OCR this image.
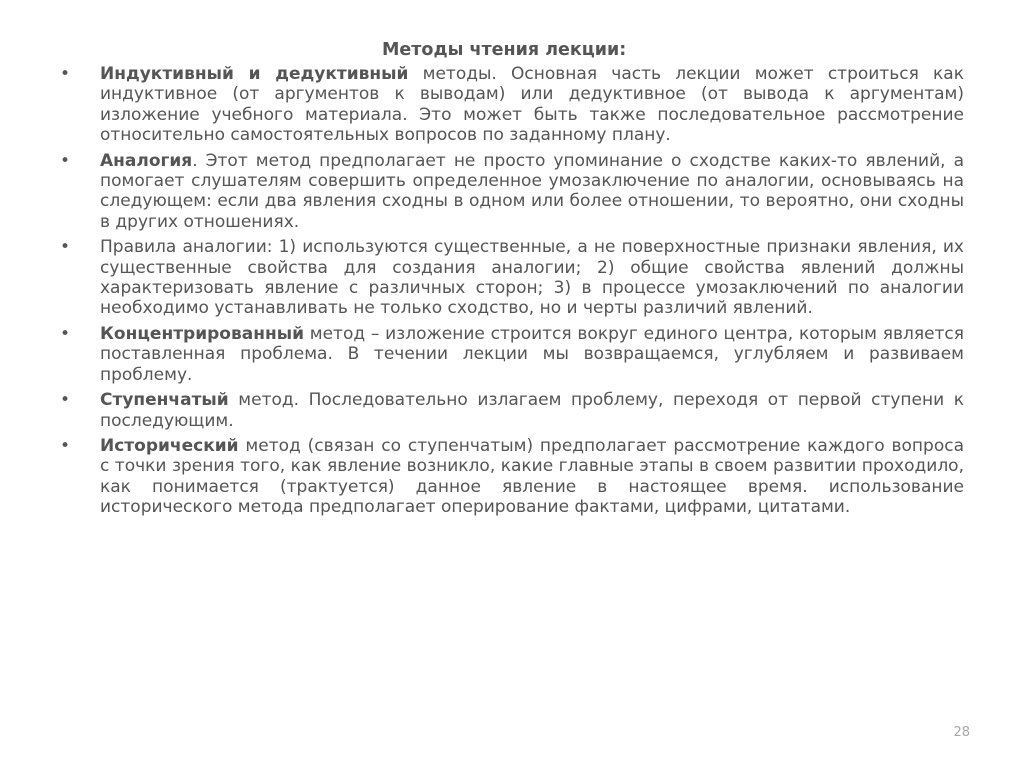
Методы чтения лекции:
• Индуктивный и дедуктивный методы. Основная часть лекции может строиться как индуктивное (от аргументов к выводам) или дедуктивное (от вывода к аргументам) изложение учебного материала. Это может быть также последовательное рассмотрение относительно самостоятельных вопросов по заданному плану.
• Аналогия. Этот метод предполагает не просто упоминание о сходстве каких-то явлений, а помогает слушателям совершить определенное умозаключение по аналогии, основываясь на следующем: если два явления сходны в одном или более отношении, то вероятно, они сходны в других отношениях.
• Правила аналогии: 1) используются существенные, а не поверхностные признаки явления, их существенные свойства для создания аналогии; 2) общие свойства явлений должны характеризовать явление с различных сторон; 3) в процессе умозаключений по аналогии необходимо устанавливать не только сходство, но и черты различий явлений.
• Концентрированный метод – изложение строится вокруг единого центра, которым является поставленная проблема. В течении лекции мы возвращаемся, углубляем и развиваем проблему.
• Ступенчатый метод. Последовательно излагаем проблему, переходя от первой ступени к последующим.
• Исторический метод (связан со ступенчатым) предполагает рассмотрение каждого вопроса с точки зрения того, как явление возникло, какие главные этапы в своем развитии проходило, как понимается (трактуется) данное явление в настоящее время. использование исторического метода предполагает оперирование фактами, цифрами, цитатами.
28
